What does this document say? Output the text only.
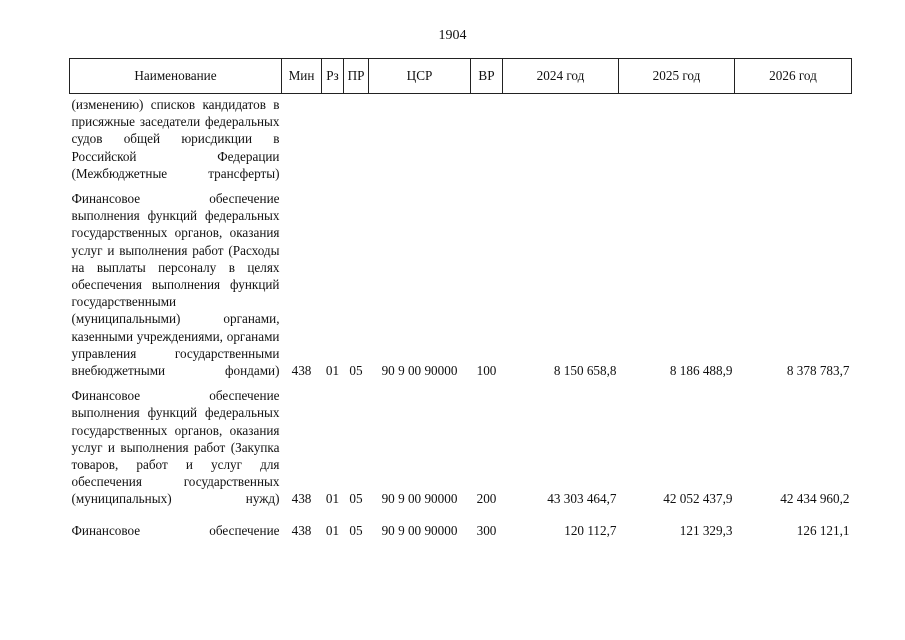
1904
Наименование	Мин	Рз	ПР	ЦСР	ВР	2024 год	2025 год	2026 год
(изменению) списков кандидатов в присяжные заседатели федеральных судов общей юрисдикции в Российской Федерации (Межбюджетные трансферты)								
Финансовое обеспечение выполнения функций федеральных государственных органов, оказания услуг и выполнения работ (Расходы на выплаты персоналу в целях обеспечения выполнения функций государственными (муниципальными) органами, казенными учреждениями, органами управления государственными внебюджетными фондами)	438	01	05	90 9 00 90000	100	8 150 658,8	8 186 488,9	8 378 783,7
Финансовое обеспечение выполнения функций федеральных государственных органов, оказания услуг и выполнения работ (Закупка товаров, работ и услуг для обеспечения государственных (муниципальных) нужд)	438	01	05	90 9 00 90000	200	43 303 464,7	42 052 437,9	42 434 960,2
Финансовое обеспечение	438	01	05	90 9 00 90000	300	120 112,7	121 329,3	126 121,1
